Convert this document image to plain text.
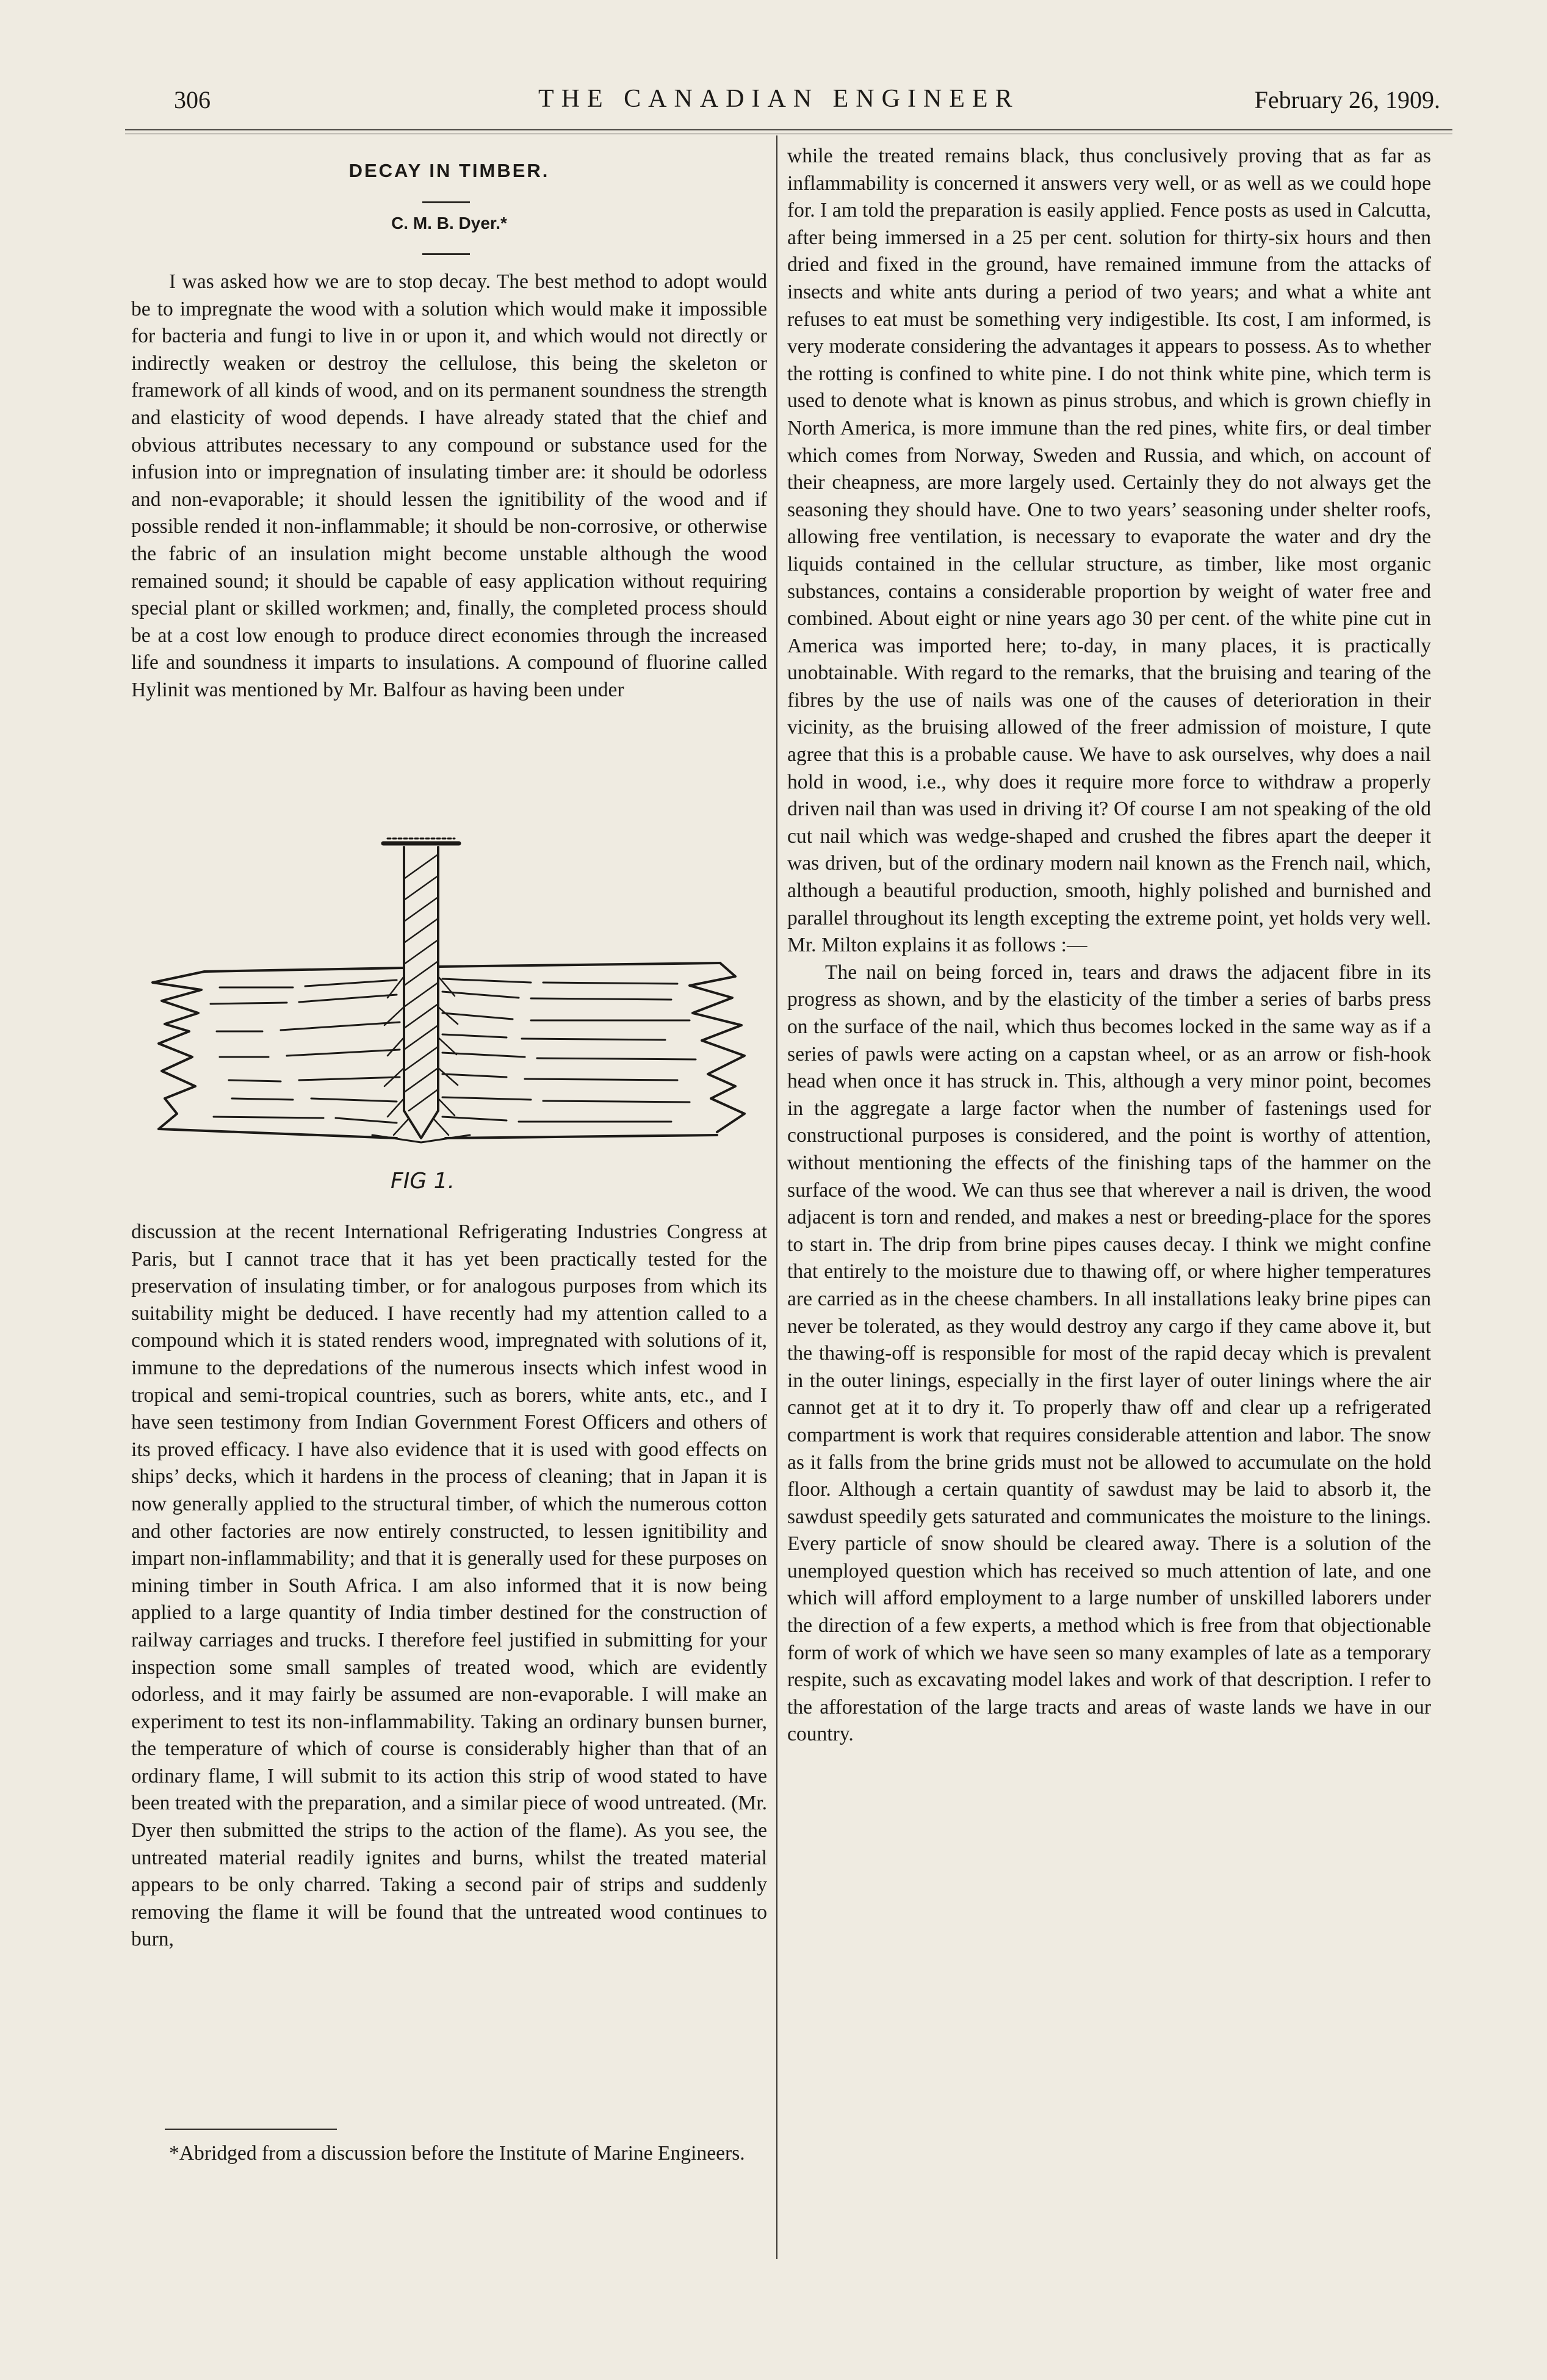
306	THE CANADIAN ENGINEER	February 26, 1909.
DECAY IN TIMBER.
C. M. B. Dyer.*

I was asked how we are to stop decay. The best method to adopt would be to impregnate the wood with a solution which would make it impossible for bacteria and fungi to live in or upon it, and which would not directly or indirectly weaken or destroy the cellulose, this being the skeleton or framework of all kinds of wood, and on its permanent soundness the strength and elasticity of wood depends. I have already stated that the chief and obvious attributes necessary to any compound or substance used for the infusion into or impregnation of insulating timber are: it should be odorless and non-evaporable; it should lessen the ignitibility of the wood and if possible rended it non-inflammable; it should be non-corrosive, or otherwise the fabric of an insulation might become unstable although the wood remained sound; it should be capable of easy application without requiring special plant or skilled workmen; and, finally, the completed process should be at a cost low enough to produce direct economies through the increased life and soundness it imparts to insulations. A compound of fluorine called Hylinit was mentioned by Mr. Balfour as having been under

FIG 1.

discussion at the recent International Refrigerating Industries Congress at Paris, but I cannot trace that it has yet been practically tested for the preservation of insulating timber, or for analogous purposes from which its suitability might be deduced. I have recently had my attention called to a compound which it is stated renders wood, impregnated with solutions of it, immune to the depredations of the numerous insects which infest wood in tropical and semi-tropical countries, such as borers, white ants, etc., and I have seen testimony from Indian Government Forest Officers and others of its proved efficacy. I have also evidence that it is used with good effects on ships’ decks, which it hardens in the process of cleaning; that in Japan it is now generally applied to the structural timber, of which the numerous cotton and other factories are now entirely constructed, to lessen ignitibility and impart non-inflammability; and that it is generally used for these purposes on mining timber in South Africa. I am also informed that it is now being applied to a large quantity of India timber destined for the construction of railway carriages and trucks. I therefore feel justified in submitting for your inspection some small samples of treated wood, which are evidently odorless, and it may fairly be assumed are non-evaporable. I will make an experiment to test its non-inflammability. Taking an ordinary bunsen burner, the temperature of which of course is considerably higher than that of an ordinary flame, I will submit to its action this strip of wood stated to have been treated with the preparation, and a similar piece of wood untreated. (Mr. Dyer then submitted the strips to the action of the flame). As you see, the untreated material readily ignites and burns, whilst the treated material appears to be only charred. Taking a second pair of strips and suddenly removing the flame it will be found that the untreated wood continues to burn,

*Abridged from a discussion before the Institute of Marine Engineers.

while the treated remains black, thus conclusively proving that as far as inflammability is concerned it answers very well, or as well as we could hope for. I am told the preparation is easily applied. Fence posts as used in Calcutta, after being immersed in a 25 per cent. solution for thirty-six hours and then dried and fixed in the ground, have remained immune from the attacks of insects and white ants during a period of two years; and what a white ant refuses to eat must be something very indigestible. Its cost, I am informed, is very moderate considering the advantages it appears to possess. As to whether the rotting is confined to white pine. I do not think white pine, which term is used to denote what is known as pinus strobus, and which is grown chiefly in North America, is more immune than the red pines, white firs, or deal timber which comes from Norway, Sweden and Russia, and which, on account of their cheapness, are more largely used. Certainly they do not always get the seasoning they should have. One to two years’ seasoning under shelter roofs, allowing free ventilation, is necessary to evaporate the water and dry the liquids contained in the cellular structure, as timber, like most organic substances, contains a considerable proportion by weight of water free and combined. About eight or nine years ago 30 per cent. of the white pine cut in America was imported here; to-day, in many places, it is practically unobtainable. With regard to the remarks, that the bruising and tearing of the fibres by the use of nails was one of the causes of deterioration in their vicinity, as the bruising allowed of the freer admission of moisture, I qute agree that this is a probable cause. We have to ask ourselves, why does a nail hold in wood, i.e., why does it require more force to withdraw a properly driven nail than was used in driving it? Of course I am not speaking of the old cut nail which was wedge-shaped and crushed the fibres apart the deeper it was driven, but of the ordinary modern nail known as the French nail, which, although a beautiful production, smooth, highly polished and burnished and parallel throughout its length excepting the extreme point, yet holds very well. Mr. Milton explains it as follows :—

The nail on being forced in, tears and draws the adjacent fibre in its progress as shown, and by the elasticity of the timber a series of barbs press on the surface of the nail, which thus becomes locked in the same way as if a series of pawls were acting on a capstan wheel, or as an arrow or fish-hook head when once it has struck in. This, although a very minor point, becomes in the aggregate a large factor when the number of fastenings used for constructional purposes is considered, and the point is worthy of attention, without mentioning the effects of the finishing taps of the hammer on the surface of the wood. We can thus see that wherever a nail is driven, the wood adjacent is torn and rended, and makes a nest or breeding-place for the spores to start in. The drip from brine pipes causes decay. I think we might confine that entirely to the moisture due to thawing off, or where higher temperatures are carried as in the cheese chambers. In all installations leaky brine pipes can never be tolerated, as they would destroy any cargo if they came above it, but the thawing-off is responsible for most of the rapid decay which is prevalent in the outer linings, especially in the first layer of outer linings where the air cannot get at it to dry it. To properly thaw off and clear up a refrigerated compartment is work that requires considerable attention and labor. The snow as it falls from the brine grids must not be allowed to accumulate on the hold floor. Although a certain quantity of sawdust may be laid to absorb it, the sawdust speedily gets saturated and communicates the moisture to the linings. Every particle of snow should be cleared away. There is a solution of the unemployed question which has received so much attention of late, and one which will afford employment to a large number of unskilled laborers under the direction of a few experts, a method which is free from that objectionable form of work of which we have seen so many examples of late as a temporary respite, such as excavating model lakes and work of that description. I refer to the afforestation of the large tracts and areas of waste lands we have in our country.
